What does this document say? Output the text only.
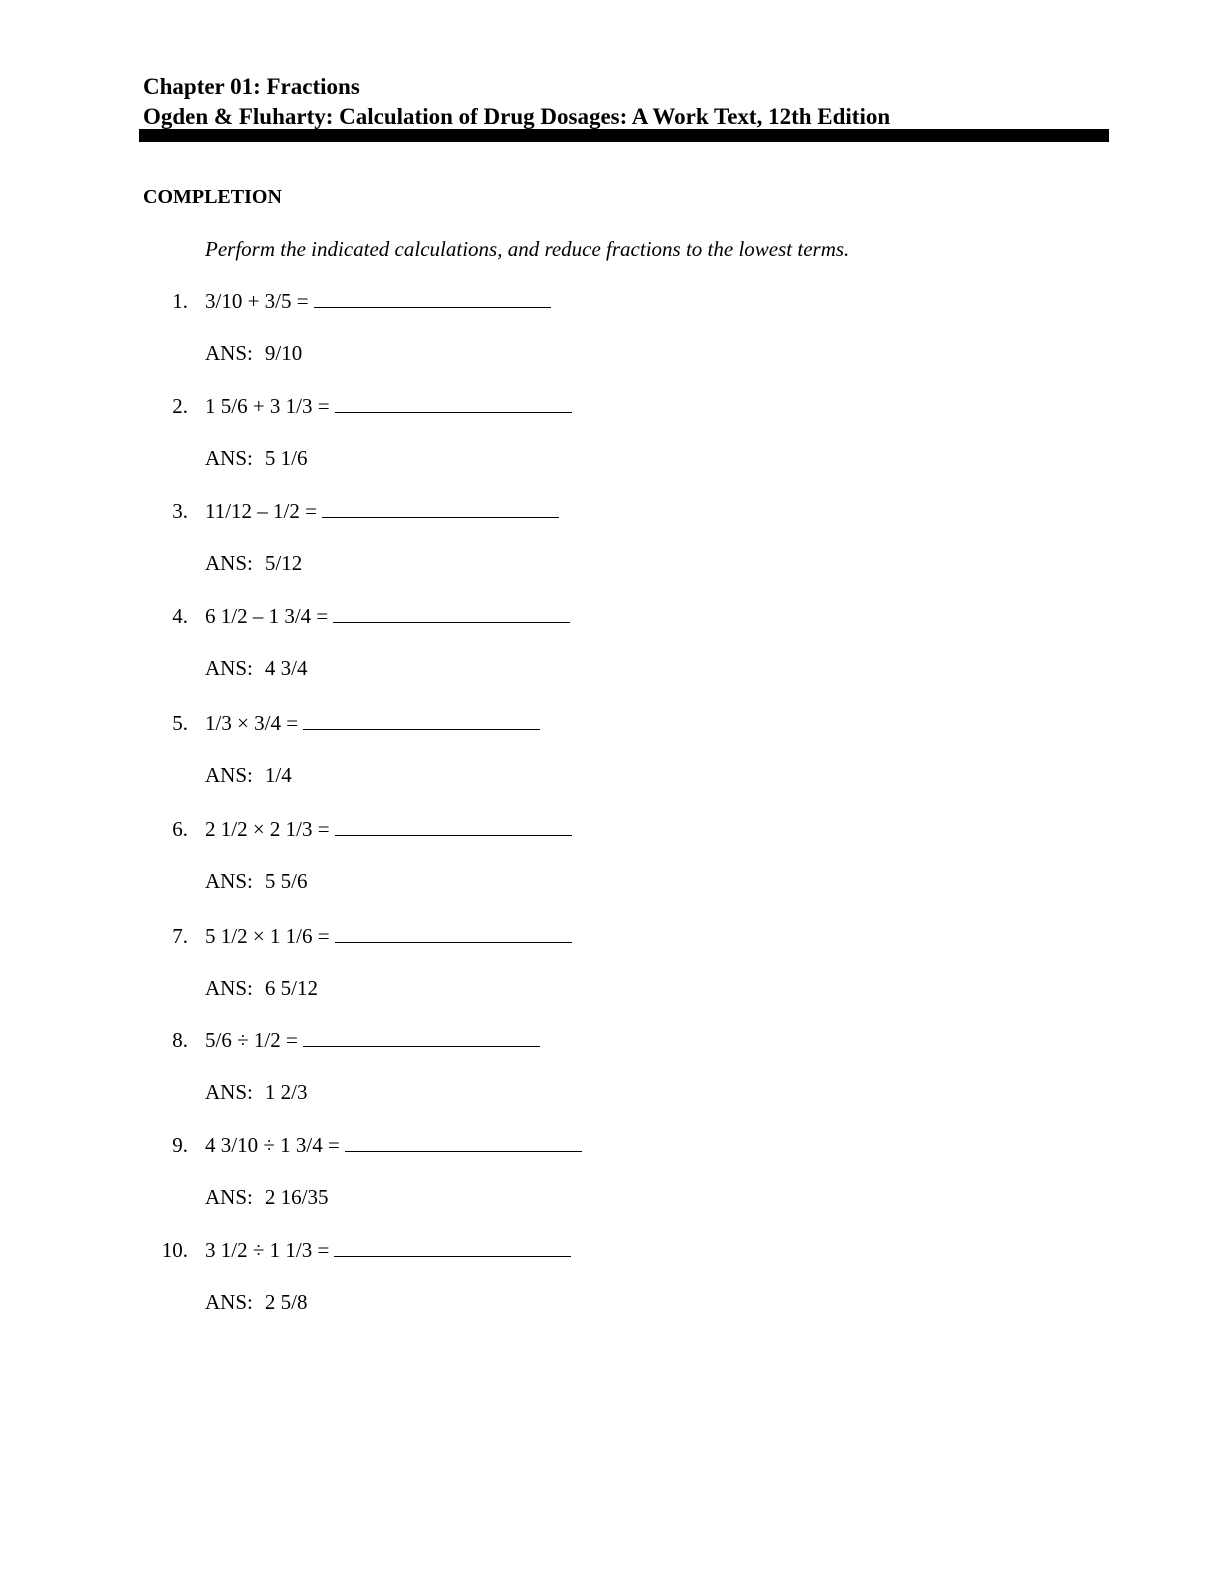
Chapter 01: Fractions
Ogden & Fluharty: Calculation of Drug Dosages: A Work Text, 12th Edition
COMPLETION
Perform the indicated calculations, and reduce fractions to the lowest terms.
1. 3/10 + 3/5 =
ANS: 9/10
2. 1 5/6 + 3 1/3 =
ANS: 5 1/6
3. 11/12 – 1/2 =
ANS: 5/12
4. 6 1/2 – 1 3/4 =
ANS: 4 3/4
5. 1/3 × 3/4 =
ANS: 1/4
6. 2 1/2 × 2 1/3 =
ANS: 5 5/6
7. 5 1/2 × 1 1/6 =
ANS: 6 5/12
8. 5/6 ÷ 1/2 =
ANS: 1 2/3
9. 4 3/10 ÷ 1 3/4 =
ANS: 2 16/35
10. 3 1/2 ÷ 1 1/3 =
ANS: 2 5/8
